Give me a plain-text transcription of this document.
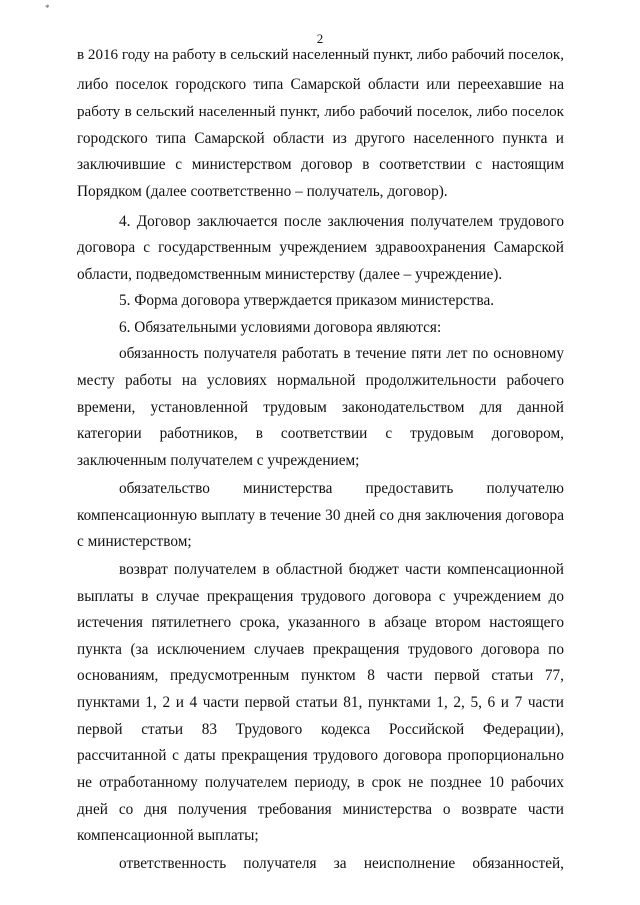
*
2
в 2016 году на работу в сельский населенный пункт, либо рабочий поселок,
либо поселок городского типа Самарской области или переехавшие на
работу в сельский населенный пункт, либо рабочий поселок, либо поселок
городского типа Самарской области из другого населенного пункта и
заключившие с министерством договор в соответствии с настоящим
Порядком (далее соответственно – получатель, договор).
4. Договор заключается после заключения получателем трудового
договора с государственным учреждением здравоохранения Самарской
области, подведомственным министерству (далее – учреждение).
5. Форма договора утверждается приказом министерства.
6. Обязательными условиями договора являются:
обязанность получателя работать в течение пяти лет по основному
месту работы на условиях нормальной продолжительности рабочего
времени, установленной трудовым законодательством для данной
категории работников, в соответствии с трудовым договором,
заключенным получателем с учреждением;
обязательство министерства предоставить получателю
компенсационную выплату в течение 30 дней со дня заключения договора
с министерством;
возврат получателем в областной бюджет части компенсационной
выплаты в случае прекращения трудового договора с учреждением до
истечения пятилетнего срока, указанного в абзаце втором настоящего
пункта (за исключением случаев прекращения трудового договора по
основаниям, предусмотренным пунктом 8 части первой статьи 77,
пунктами 1, 2 и 4 части первой статьи 81, пунктами 1, 2, 5, 6 и 7 части
первой статьи 83 Трудового кодекса Российской Федерации),
рассчитанной с даты прекращения трудового договора пропорционально
не отработанному получателем периоду, в срок не позднее 10 рабочих
дней со дня получения требования министерства о возврате части
компенсационной выплаты;
ответственность получателя за неисполнение обязанностей,
